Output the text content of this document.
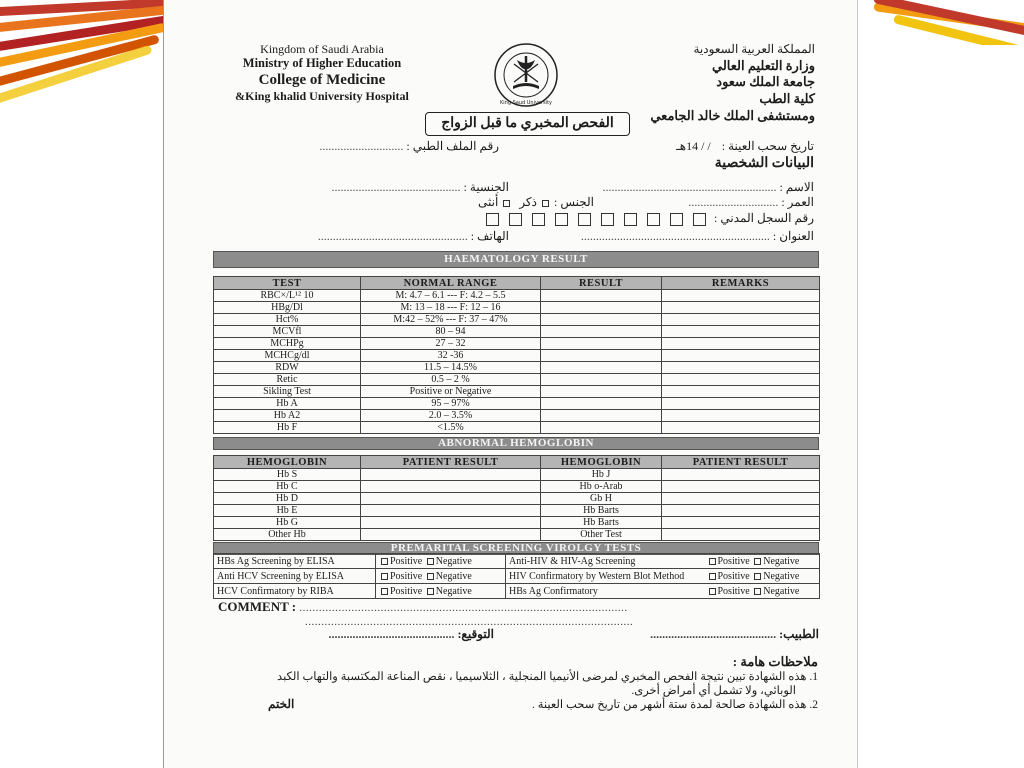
Kingdom of Saudi Arabia
Ministry of Higher Education
College of Medicine
&King khalid University Hospital	King Saud University
المملكة العربية السعودية
وزارة التعليم العالي
جامعة الملك سعود
كلية الطب
ومستشفى الملك خالد الجامعي
الفحص المخبري ما قبل الزواج
تاريخ سحب العينة : / / 14هـ
رقم الملف الطبي : ............................
البيانات الشخصية
الاسم : ..........................................................
الجنسية : ...........................................
العمر : ..............................
الجنس :  ذكر  أنثى
رقم السجل المدني :
العنوان : ...............................................................
الهاتف : ..................................................
HAEMATOLOGY RESULT
TEST	NORMAL RANGE	RESULT	REMARKS
RBC×/L¹² 10	M: 4.7 – 6.1 --- F: 4.2 – 5.5		
HBg/Dl	M: 13 – 18 --- F: 12 – 16		
Hct%	M:42 – 52% --- F: 37 – 47%		
MCVfl	80 – 94		
MCHPg	27 – 32		
MCHCg/dl	32 -36		
RDW	11.5 – 14.5%		
Retic	0.5 – 2 %		
Sikling Test	Positive or Negative		
Hb A	95 – 97%		
Hb A2	2.0 – 3.5%		
Hb F	<1.5%		
ABNORMAL HEMOGLOBIN
HEMOGLOBIN	PATIENT RESULT	HEMOGLOBIN	PATIENT RESULT
Hb S		Hb J	
Hb C		Hb o-Arab	
Hb D		Gb H	
Hb E		Hb Barts	
Hb G		Hb Barts	
Other Hb		Other Test	
PREMARITAL SCREENING VIROLGY TESTS
HBs Ag Screening by ELISA	Positive Negative	Anti-HIV & HIV-Ag Screening	Positive Negative
Anti HCV Screening by ELISA	Positive Negative	HIV Confirmatory by Western Blot Method	Positive Negative
HCV Confirmatory by RIBA	Positive Negative	HBs Ag Confirmatory	Positive Negative
COMMENT : .....................................................................................................
.....................................................................................................
الطبيب: ..........................................
التوقيع: ..........................................
ملاحظات هامة :
1. هذه الشهادة تبين نتيجة الفحص المخبري لمرضى الأنيميا المنجلية ، الثلاسيميا ، نقص المناعة المكتسبة والتهاب الكبد
الوبائي، ولا تشمل أي أمراض أخرى.
2. هذه الشهادة صالحة لمدة ستة أشهر من تاريخ سحب العينة .
الختم
